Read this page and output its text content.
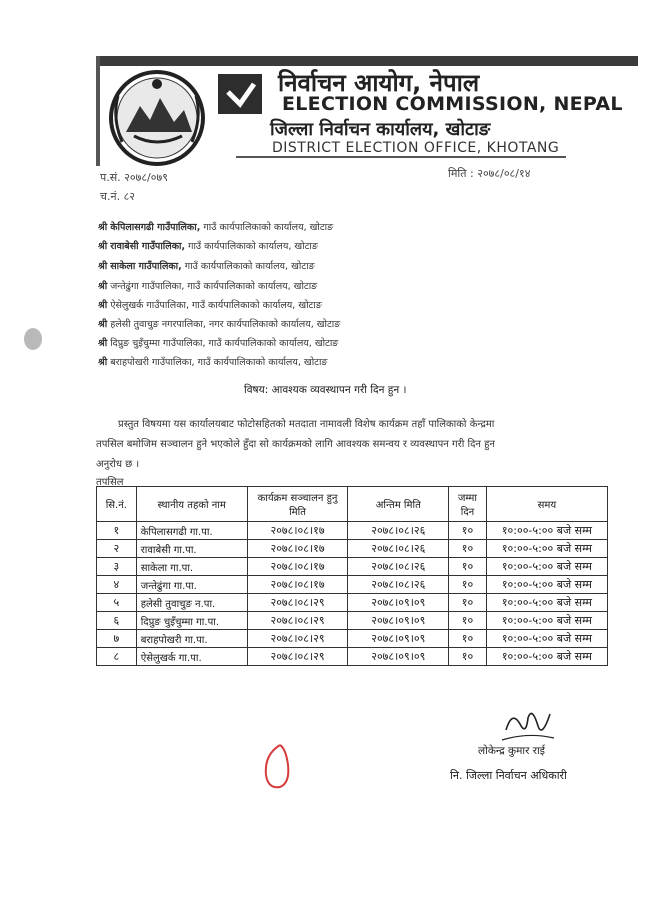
निर्वाचन आयोग, नेपाल
ELECTION COMMISSION, NEPAL
जिल्ला निर्वाचन कार्यालय, खोटाङ
DISTRICT ELECTION OFFICE, KHOTANG
प.सं. २०७८/०७९
च.नं. ८२
मिति : २०७८/०८/१४
श्री केपिलासगढी गाउँपालिका, गाउँ कार्यपालिकाको कार्यालय, खोटाङ
श्री रावाबेसी गाउँपालिका, गाउँ कार्यपालिकाको कार्यालय, खोटाङ
श्री साकेला गाउँपालिका, गाउँ कार्यपालिकाको कार्यालय, खोटाङ
श्री जन्तेढुंगा गाउँपालिका, गाउँ कार्यपालिकाको कार्यालय, खोटाङ
श्री ऐसेलुखर्क गाउँपालिका, गाउँ कार्यपालिकाको कार्यालय, खोटाङ
श्री हलेसी तुवाचुङ नगरपालिका, नगर कार्यपालिकाको कार्यालय, खोटाङ
श्री दिप्रुङ चुइँचुम्मा गाउँपालिका, गाउँ कार्यपालिकाको कार्यालय, खोटाङ
श्री बराहपोखरी गाउँपालिका, गाउँ कार्यपालिकाको कार्यालय, खोटाङ
विषय: आवश्यक व्यवस्थापन गरी दिन हुन ।
प्रस्तुत विषयमा यस कार्यालयबाट फोटोसहितको मतदाता नामावली विशेष कार्यक्रम तहाँ पालिकाको केन्द्रमा
तपसिल बमोजिम सञ्चालन हुने भएकोले हुँदा सो कार्यक्रमको लागि आवश्यक समन्वय र व्यवस्थापन गरी दिन हुन
अनुरोध छ ।
तपसिल
सि.नं.	स्थानीय तहको नाम	कार्यक्रम सञ्चालन हुनु मिति	अन्तिम मिति	जम्मा दिन	समय
१	केपिलासगढी गा.पा.	२०७८।०८।१७	२०७८।०८।२६	१०	१०:००-५:०० बजे सम्म
२	रावाबेसी गा.पा.	२०७८।०८।१७	२०७८।०८।२६	१०	१०:००-५:०० बजे सम्म
३	साकेला गा.पा.	२०७८।०८।१७	२०७८।०८।२६	१०	१०:००-५:०० बजे सम्म
४	जन्तेढुंगा गा.पा.	२०७८।०८।१७	२०७८।०८।२६	१०	१०:००-५:०० बजे सम्म
५	हलेसी तुवाचुङ न.पा.	२०७८।०८।२९	२०७८।०९।०९	१०	१०:००-५:०० बजे सम्म
६	दिप्रुङ चुइँचुम्मा गा.पा.	२०७८।०८।२९	२०७८।०९।०९	१०	१०:००-५:०० बजे सम्म
७	बराहपोखरी गा.पा.	२०७८।०८।२९	२०७८।०९।०९	१०	१०:००-५:०० बजे सम्म
८	ऐसेलुखर्क गा.पा.	२०७८।०८।२९	२०७८।०९।०९	१०	१०:००-५:०० बजे सम्म
लोकेन्द्र कुमार राई
नि. जिल्ला निर्वाचन अधिकारी
